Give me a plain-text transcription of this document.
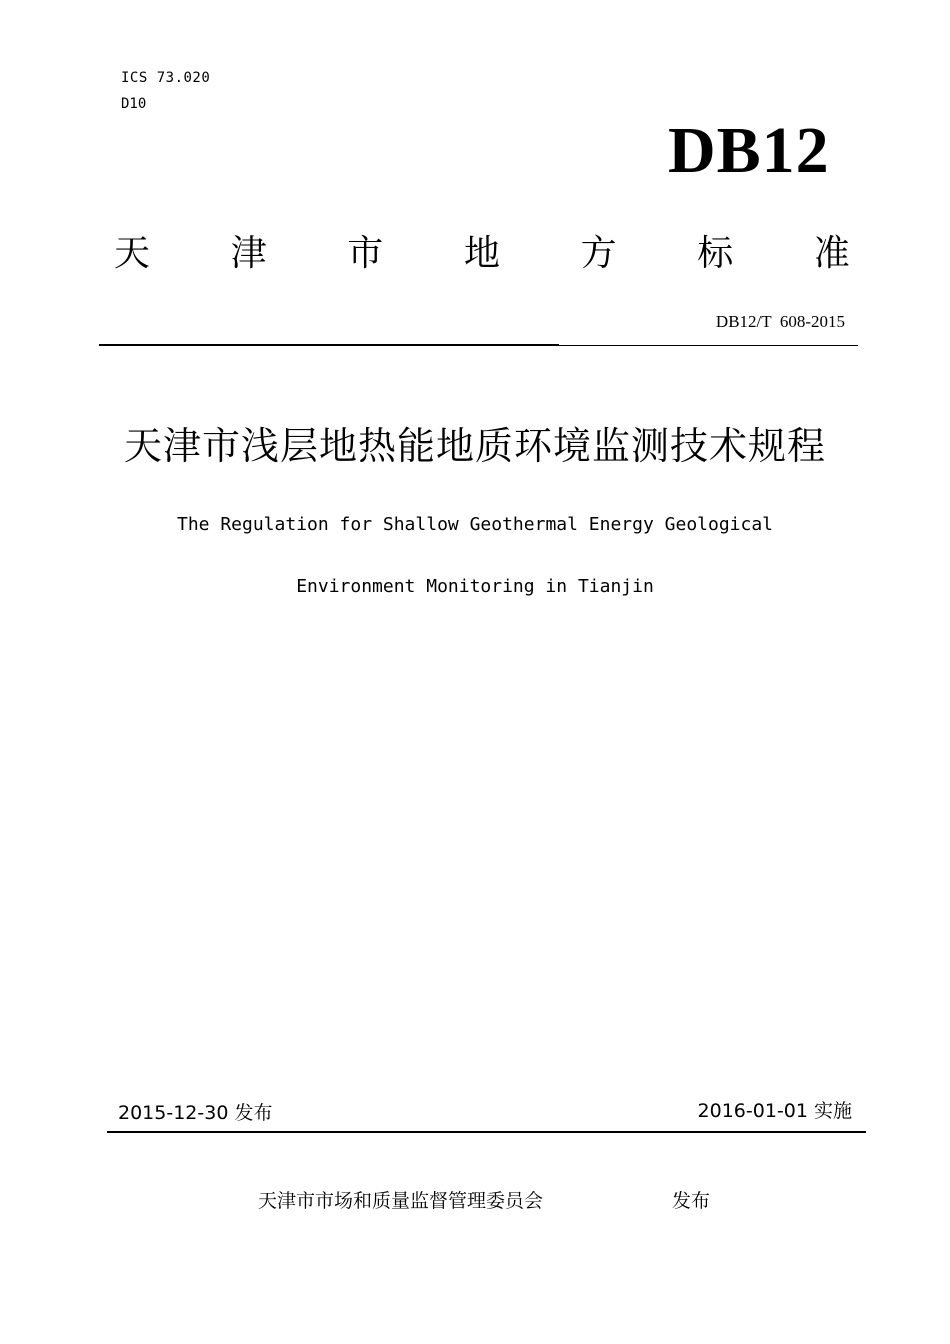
ICS 73.020
D10
DB12
天 津 市 地 方 标 准
DB12/T  608-2015
天津市浅层地热能地质环境监测技术规程
The Regulation for Shallow Geothermal Energy Geological
Environment Monitoring in Tianjin
2015-12-30 发布	2016-01-01 实施
天津市市场和质量监督管理委员会	发布
